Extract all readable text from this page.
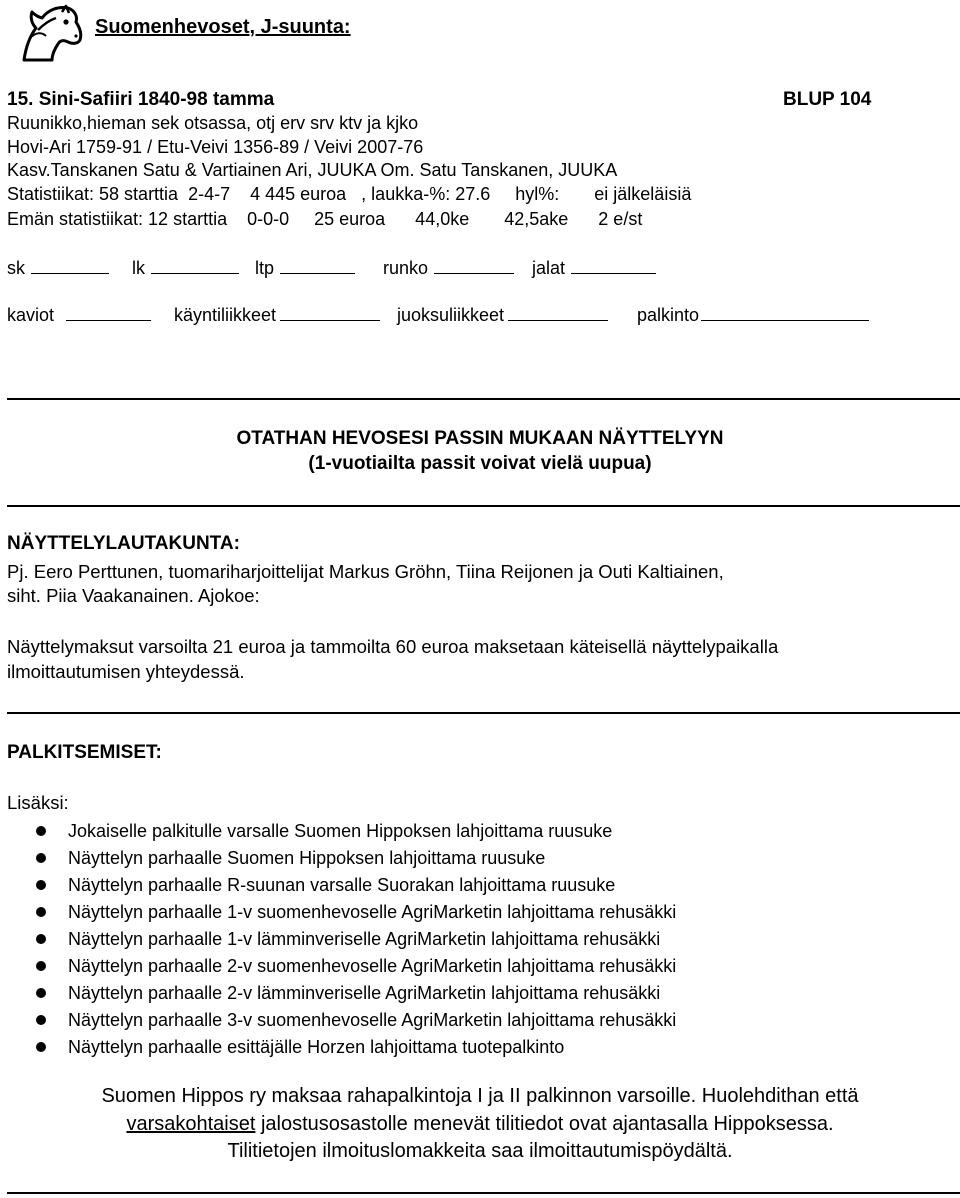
Suomenhevoset, J-suunta:
15. Sini-Safiiri 1840-98 tamma	BLUP 104
Ruunikko,hieman sek otsassa, otj erv srv ktv ja kjko
Hovi-Ari 1759-91 / Etu-Veivi 1356-89 / Veivi 2007-76
Kasv.Tanskanen Satu & Vartiainen Ari, JUUKA Om. Satu Tanskanen, JUUKA
Statistiikat: 58 starttia  2-4-7    4 445 euroa   , laukka-%: 27.6     hyl%:       ei jälkeläisiä
Emän statistiikat: 12 starttia    0-0-0     25 euroa      44,0ke       42,5ake      2 e/st
sk	lk	ltp	runko	jalat
kaviot	käyntiliikkeet	juoksuliikkeet	palkinto
OTATHAN HEVOSESI PASSIN MUKAAN NÄYTTELYYN
(1-vuotiailta passit voivat vielä uupua)
NÄYTTELYLAUTAKUNTA:
Pj. Eero Perttunen, tuomariharjoittelijat Markus Gröhn, Tiina Reijonen ja Outi Kaltiainen,
siht. Piia Vaakanainen. Ajokoe:
Näyttelymaksut varsoilta 21 euroa ja tammoilta 60 euroa maksetaan käteisellä näyttelypaikalla
ilmoittautumisen yhteydessä.
PALKITSEMISET:
Lisäksi:
Jokaiselle palkitulle varsalle Suomen Hippoksen lahjoittama ruusuke
Näyttelyn parhaalle Suomen Hippoksen lahjoittama ruusuke
Näyttelyn parhaalle R-suunan varsalle Suorakan lahjoittama ruusuke
Näyttelyn parhaalle 1-v suomenhevoselle AgriMarketin lahjoittama rehusäkki
Näyttelyn parhaalle 1-v lämminveriselle AgriMarketin lahjoittama rehusäkki
Näyttelyn parhaalle 2-v suomenhevoselle AgriMarketin lahjoittama rehusäkki
Näyttelyn parhaalle 2-v lämminveriselle AgriMarketin lahjoittama rehusäkki
Näyttelyn parhaalle 3-v suomenhevoselle AgriMarketin lahjoittama rehusäkki
Näyttelyn parhaalle esittäjälle Horzen lahjoittama tuotepalkinto
Suomen Hippos ry maksaa rahapalkintoja I ja II palkinnon varsoille. Huolehdithan että
varsakohtaiset jalostusosastolle menevät tilitiedot ovat ajantasalla Hippoksessa.
Tilitietojen ilmoituslomakkeita saa ilmoittautumispöydältä.
